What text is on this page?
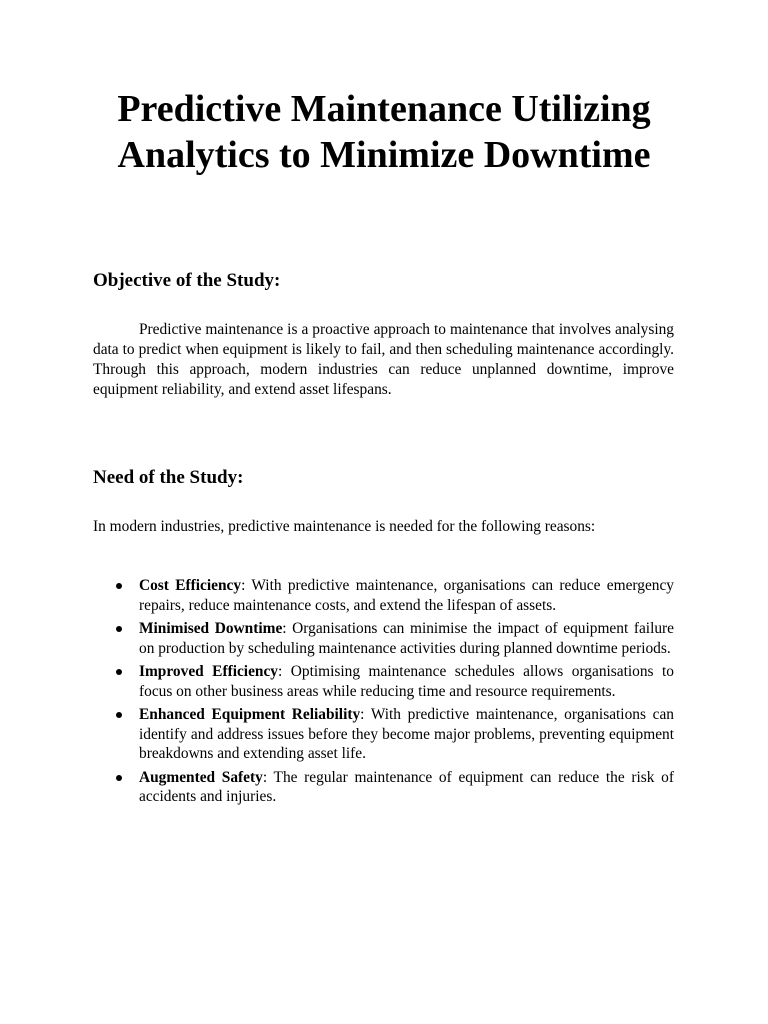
Predictive Maintenance Utilizing Analytics to Minimize Downtime
Objective of the Study:

Predictive maintenance is a proactive approach to maintenance that involves analysing data to predict when equipment is likely to fail, and then scheduling maintenance accordingly. Through this approach, modern industries can reduce unplanned downtime, improve equipment reliability, and extend asset lifespans.

Need of the Study:

In modern industries, predictive maintenance is needed for the following reasons:

Cost Efficiency: With predictive maintenance, organisations can reduce emergency repairs, reduce maintenance costs, and extend the lifespan of assets.
Minimised Downtime: Organisations can minimise the impact of equipment failure on production by scheduling maintenance activities during planned downtime periods.
Improved Efficiency: Optimising maintenance schedules allows organisations to focus on other business areas while reducing time and resource requirements.
Enhanced Equipment Reliability: With predictive maintenance, organisations can identify and address issues before they become major problems, preventing equipment breakdowns and extending asset life.
Augmented Safety: The regular maintenance of equipment can reduce the risk of accidents and injuries.
